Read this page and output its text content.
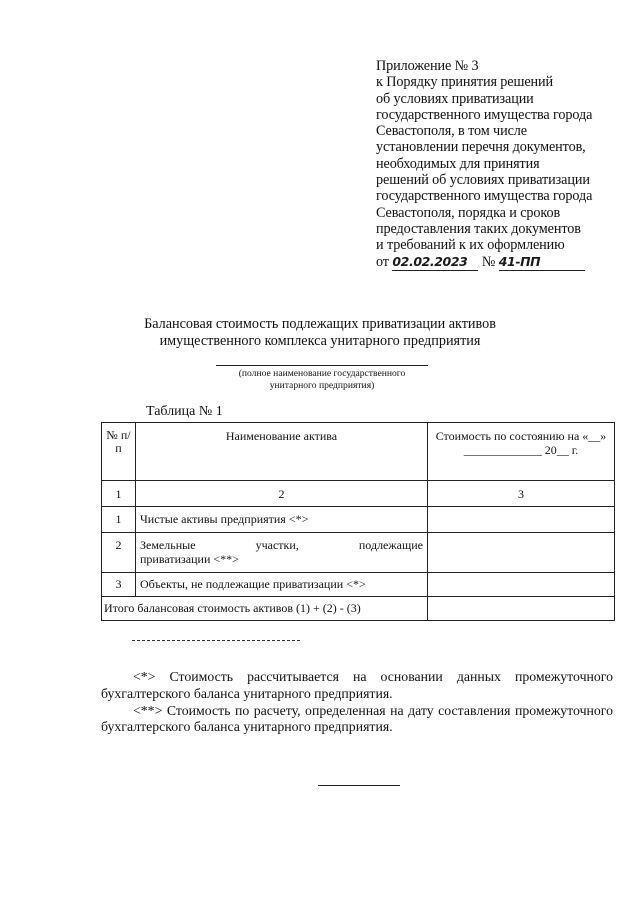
Приложение № 3
к Порядку принятия решений
об условиях приватизации
государственного имущества города
Севастополя, в том числе
установлении перечня документов,
необходимых для принятия
решений об условиях приватизации
государственного имущества города
Севастополя, порядка и сроков
предоставления таких документов
и требований к их оформлению
от 02.02.2023 № 41-ПП
Балансовая стоимость подлежащих приватизации активов
имущественного комплекса унитарного предприятия
(полное наименование государственного
унитарного предприятия)
Таблица № 1
№ п/п	Наименование актива	Стоимость по состоянию на «__» _____________ 20__ г.
1	2	3
1	Чистые активы предприятия <*>	
2	Земельные участки, подлежащие
приватизации <**>	

3	Объекты, не подлежащие приватизации <*>	
Итого балансовая стоимость активов (1) + (2) - (3)		

<*> Стоимость рассчитывается на основании данных промежуточного бухгалтерского баланса унитарного предприятия.

<**> Стоимость по расчету, определенная на дату составления промежуточного бухгалтерского баланса унитарного предприятия.
